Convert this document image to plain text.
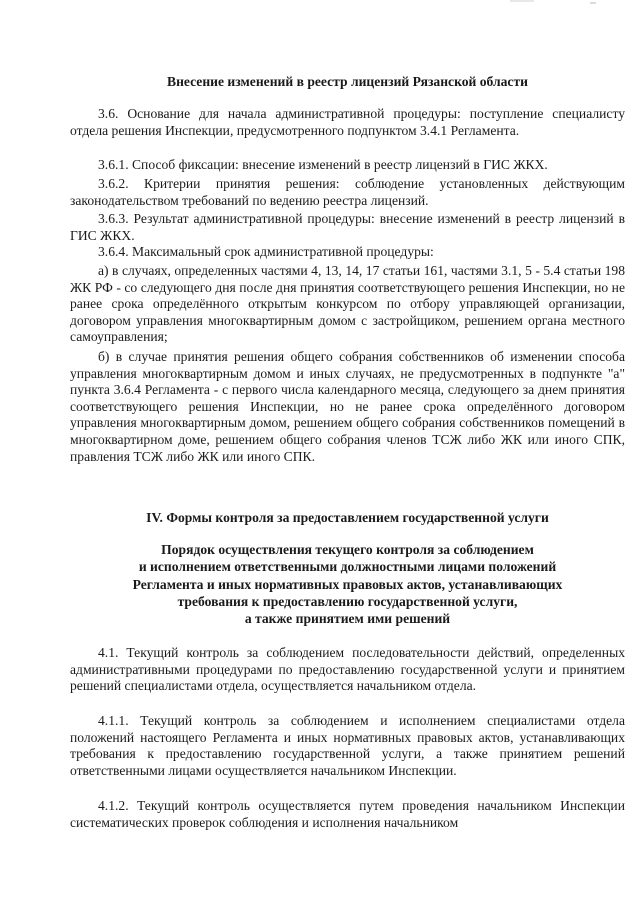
Внесение изменений в реестр лицензий Рязанской области

3.6. Основание для начала административной процедуры: поступление специалисту отдела решения Инспекции, предусмотренного подпунктом 3.4.1 Регламента.

3.6.1. Способ фиксации: внесение изменений в реестр лицензий в ГИС ЖКХ.

3.6.2. Критерии принятия решения: соблюдение установленных действующим законодательством требований по ведению реестра лицензий.

3.6.3. Результат административной процедуры: внесение изменений в реестр лицензий в ГИС ЖКХ.

3.6.4. Максимальный срок административной процедуры:

а) в случаях, определенных частями 4, 13, 14, 17 статьи 161, частями 3.1, 5 - 5.4 статьи 198 ЖК РФ - со следующего дня после дня принятия соответствующего решения Инспекции, но не ранее срока определённого открытым конкурсом по отбору управляющей организации, договором управления многоквартирным домом с застройщиком, решением органа местного самоуправления;

б) в случае принятия решения общего собрания собственников об изменении способа управления многоквартирным домом и иных случаях, не предусмотренных в подпункте "а" пункта 3.6.4 Регламента - с первого числа календарного месяца, следующего за днем принятия соответствующего решения Инспекции, но не ранее срока определённого договором управления многоквартирным домом, решением общего собрания собственников помещений в многоквартирном доме, решением общего собрания членов ТСЖ либо ЖК или иного СПК, правления ТСЖ либо ЖК или иного СПК.

IV. Формы контроля за предоставлением государственной услуги
Порядок осуществления текущего контроля за соблюдением
и исполнением ответственными должностными лицами положений
Регламента и иных нормативных правовых актов, устанавливающих
требования к предоставлению государственной услуги,
а также принятием ими решений

4.1. Текущий контроль за соблюдением последовательности действий, определенных административными процедурами по предоставлению государственной услуги и принятием решений специалистами отдела, осуществляется начальником отдела.

4.1.1. Текущий контроль за соблюдением и исполнением специалистами отдела положений настоящего Регламента и иных нормативных правовых актов, устанавливающих требования к предоставлению государственной услуги, а также принятием решений ответственными лицами осуществляется начальником Инспекции.

4.1.2. Текущий контроль осуществляется путем проведения начальником Инспекции систематических проверок соблюдения и исполнения начальником
